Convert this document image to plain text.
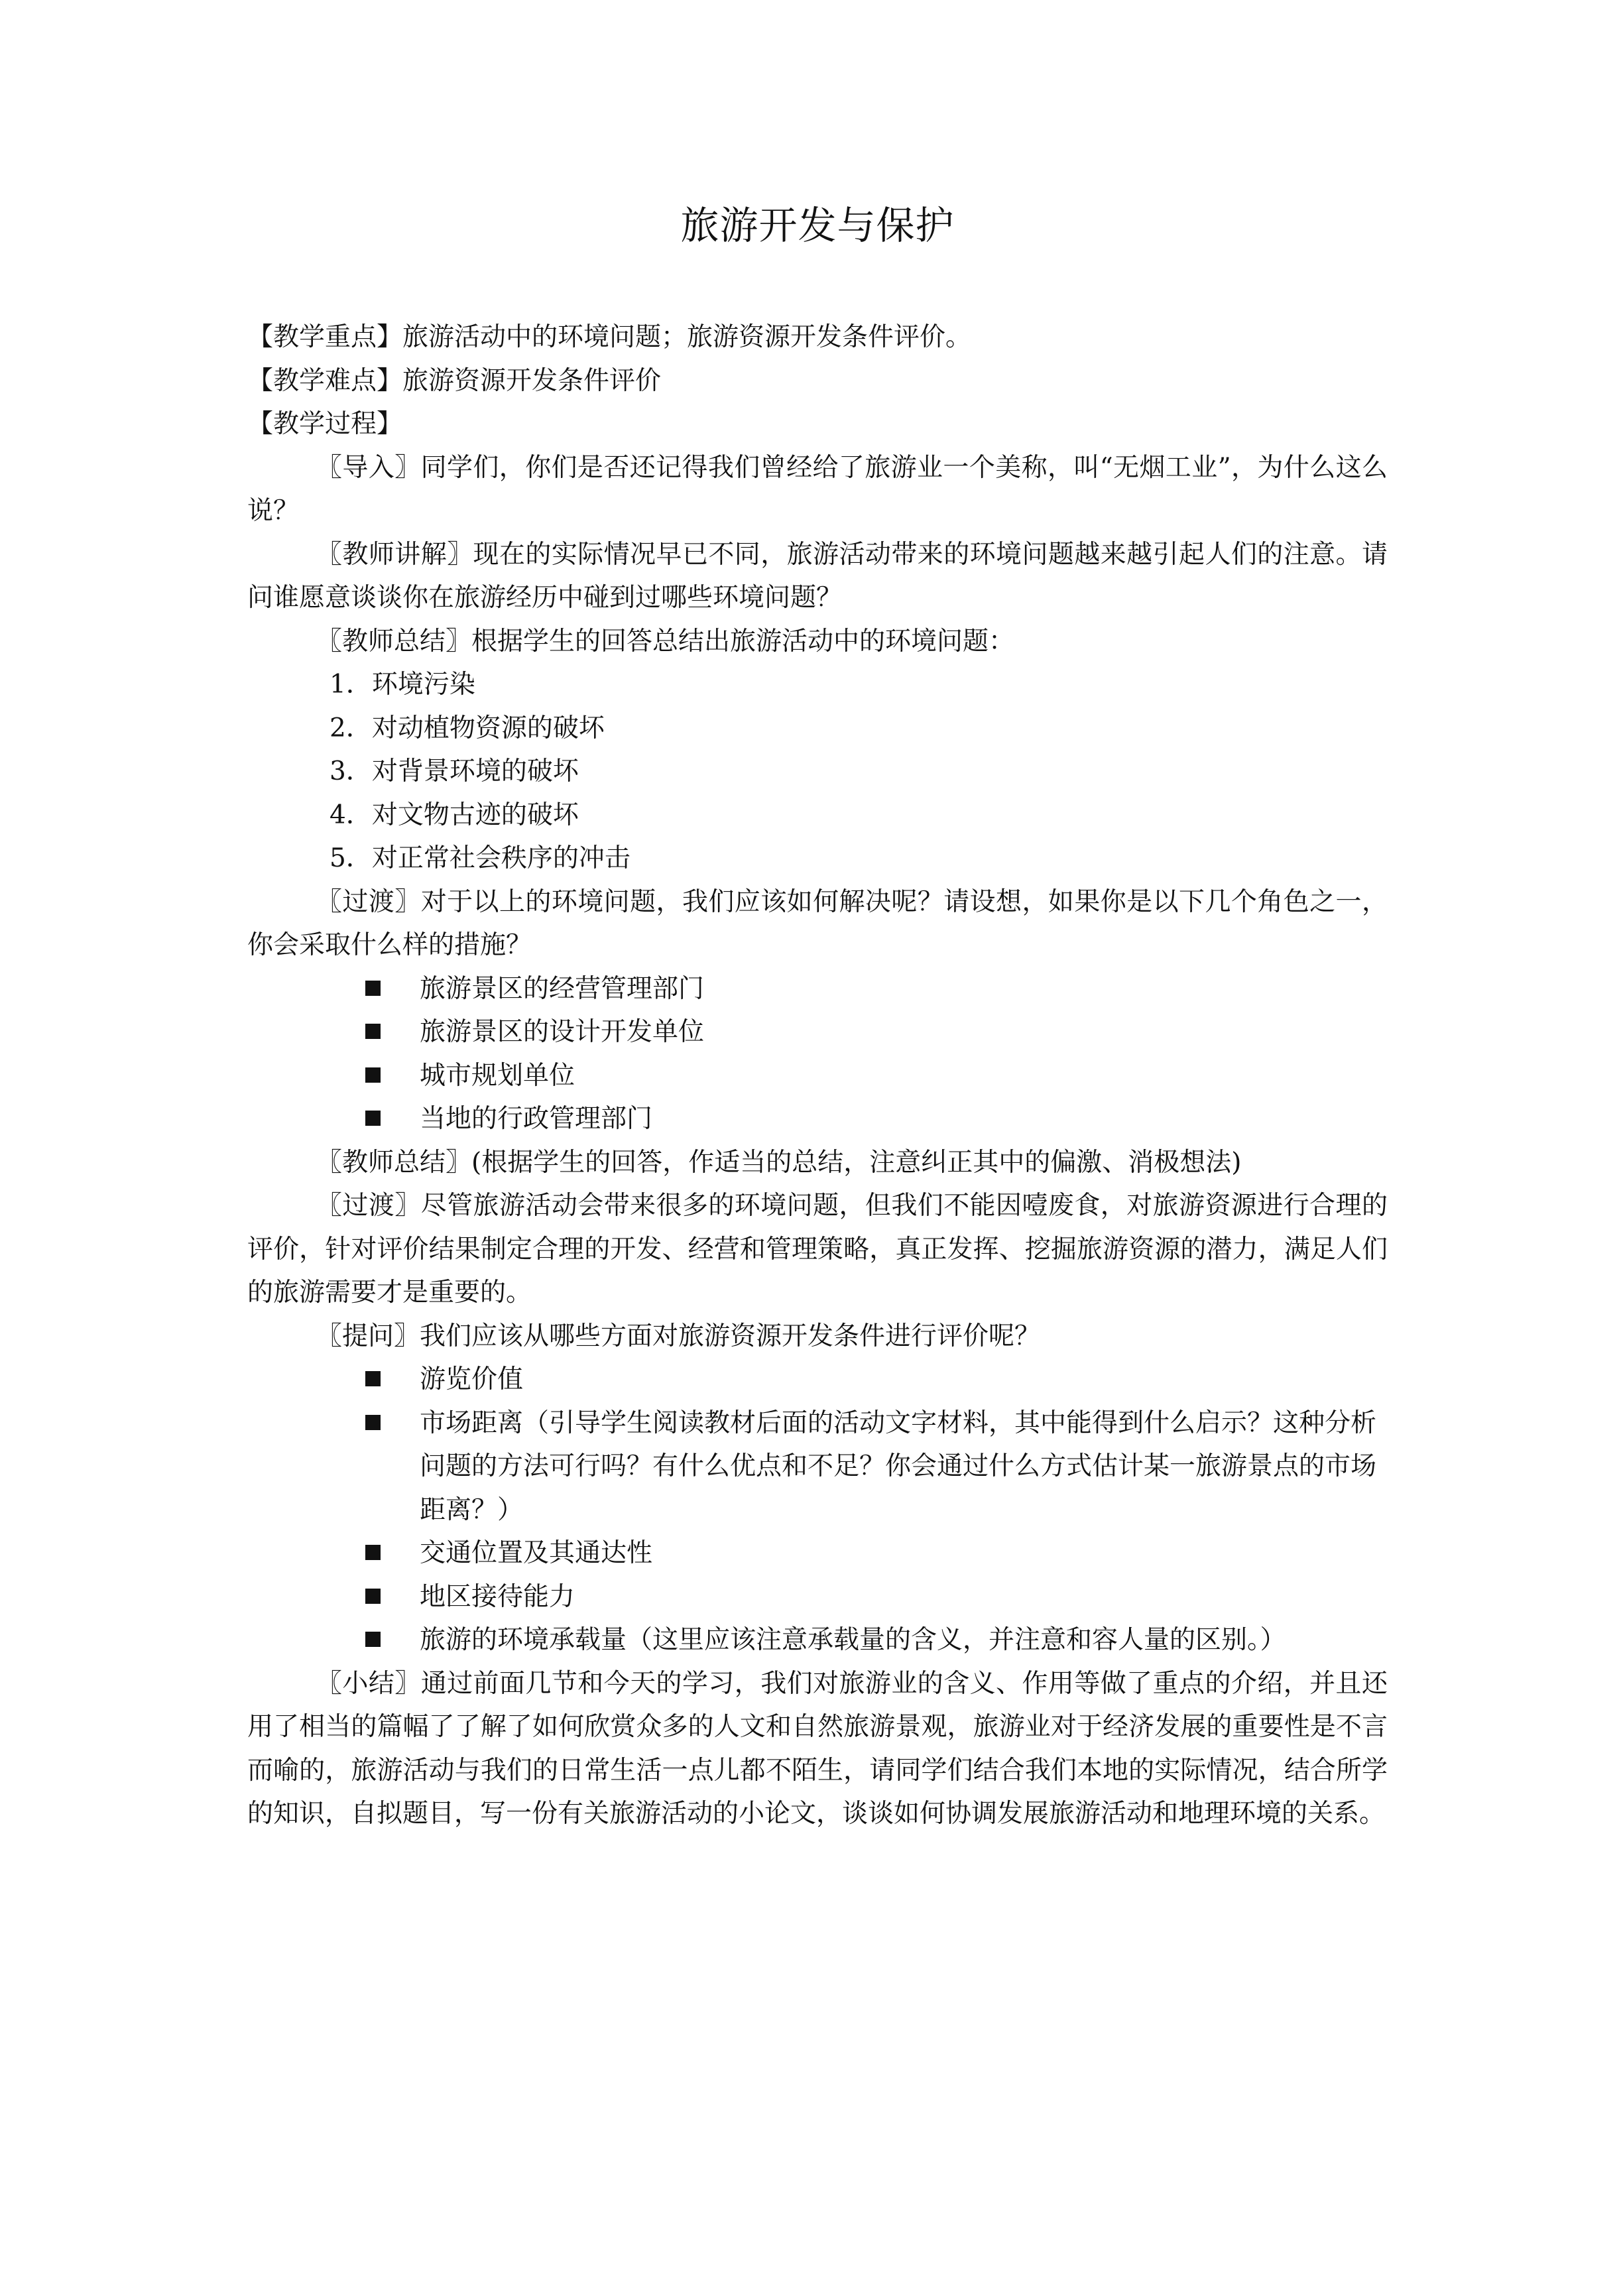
旅游开发与保护

【教学重点】旅游活动中的环境问题；旅游资源开发条件评价。

【教学难点】旅游资源开发条件评价

【教学过程】

〖导入〗同学们，你们是否还记得我们曾经给了旅游业一个美称，叫“无烟工业”，为什么这么说？

〖教师讲解〗现在的实际情况早已不同，旅游活动带来的环境问题越来越引起人们的注意。请问谁愿意谈谈你在旅游经历中碰到过哪些环境问题？

〖教师总结〗根据学生的回答总结出旅游活动中的环境问题：

1．环境污染

2．对动植物资源的破坏

3．对背景环境的破坏

4．对文物古迹的破坏

5．对正常社会秩序的冲击

〖过渡〗对于以上的环境问题，我们应该如何解决呢？请设想，如果你是以下几个角色之一，你会采取什么样的措施？

旅游景区的经营管理部门
旅游景区的设计开发单位
城市规划单位
当地的行政管理部门

〖教师总结〗(根据学生的回答，作适当的总结，注意纠正其中的偏激、消极想法)

〖过渡〗尽管旅游活动会带来很多的环境问题，但我们不能因噎废食，对旅游资源进行合理的评价，针对评价结果制定合理的开发、经营和管理策略，真正发挥、挖掘旅游资源的潜力，满足人们的旅游需要才是重要的。

〖提问〗我们应该从哪些方面对旅游资源开发条件进行评价呢？

游览价值
市场距离（引导学生阅读教材后面的活动文字材料，其中能得到什么启示？这种分析问题的方法可行吗？有什么优点和不足？你会通过什么方式估计某一旅游景点的市场距离？）
交通位置及其通达性
地区接待能力
旅游的环境承载量（这里应该注意承载量的含义，并注意和容人量的区别。）

〖小结〗通过前面几节和今天的学习，我们对旅游业的含义、作用等做了重点的介绍，并且还用了相当的篇幅了了解了如何欣赏众多的人文和自然旅游景观，旅游业对于经济发展的重要性是不言而喻的，旅游活动与我们的日常生活一点儿都不陌生，请同学们结合我们本地的实际情况，结合所学的知识，自拟题目，写一份有关旅游活动的小论文，谈谈如何协调发展旅游活动和地理环境的关系。
